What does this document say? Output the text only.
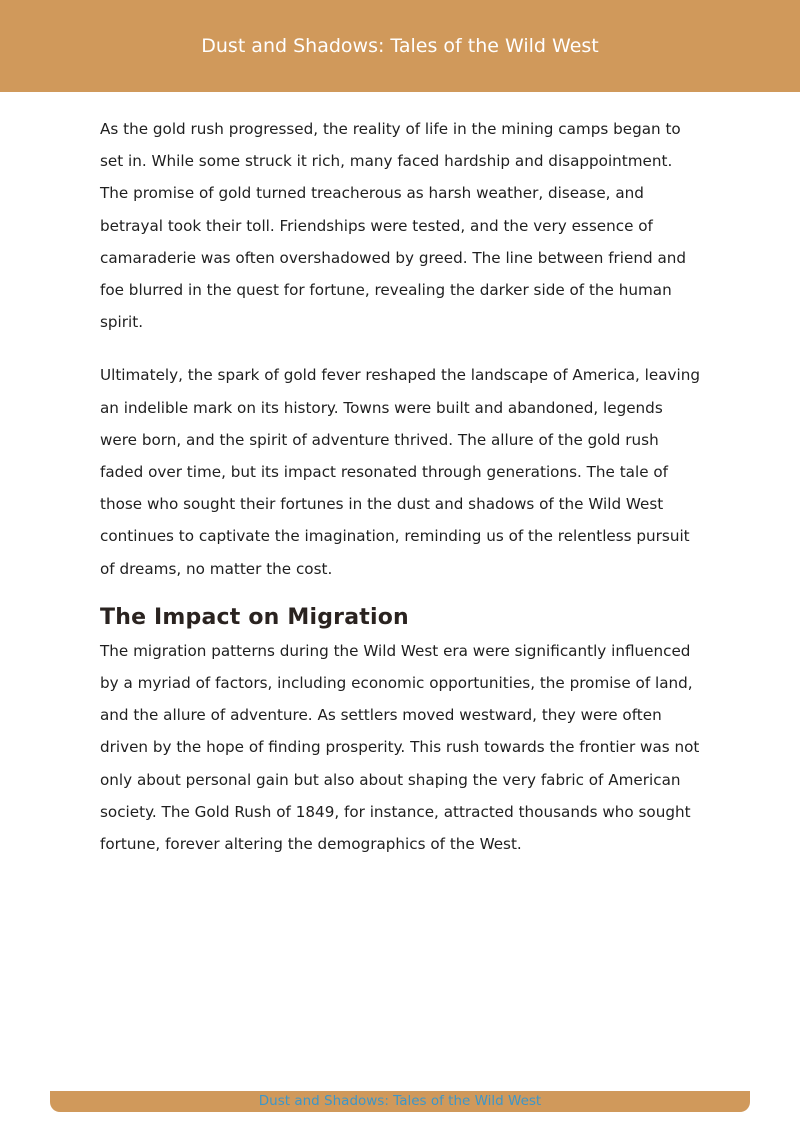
Dust and Shadows: Tales of the Wild West

As the gold rush progressed, the reality of life in the mining camps began to set in. While some struck it rich, many faced hardship and disappointment. The promise of gold turned treacherous as harsh weather, disease, and betrayal took their toll. Friendships were tested, and the very essence of camaraderie was often overshadowed by greed. The line between friend and foe blurred in the quest for fortune, revealing the darker side of the human spirit.

Ultimately, the spark of gold fever reshaped the landscape of America, leaving an indelible mark on its history. Towns were built and abandoned, legends were born, and the spirit of adventure thrived. The allure of the gold rush faded over time, but its impact resonated through generations. The tale of those who sought their fortunes in the dust and shadows of the Wild West continues to captivate the imagination, reminding us of the relentless pursuit of dreams, no matter the cost.

The Impact on Migration

The migration patterns during the Wild West era were significantly influenced by a myriad of factors, including economic opportunities, the promise of land, and the allure of adventure. As settlers moved westward, they were often driven by the hope of finding prosperity. This rush towards the frontier was not only about personal gain but also about shaping the very fabric of American society. The Gold Rush of 1849, for instance, attracted thousands who sought fortune, forever altering the demographics of the West.

Dust and Shadows: Tales of the Wild West
